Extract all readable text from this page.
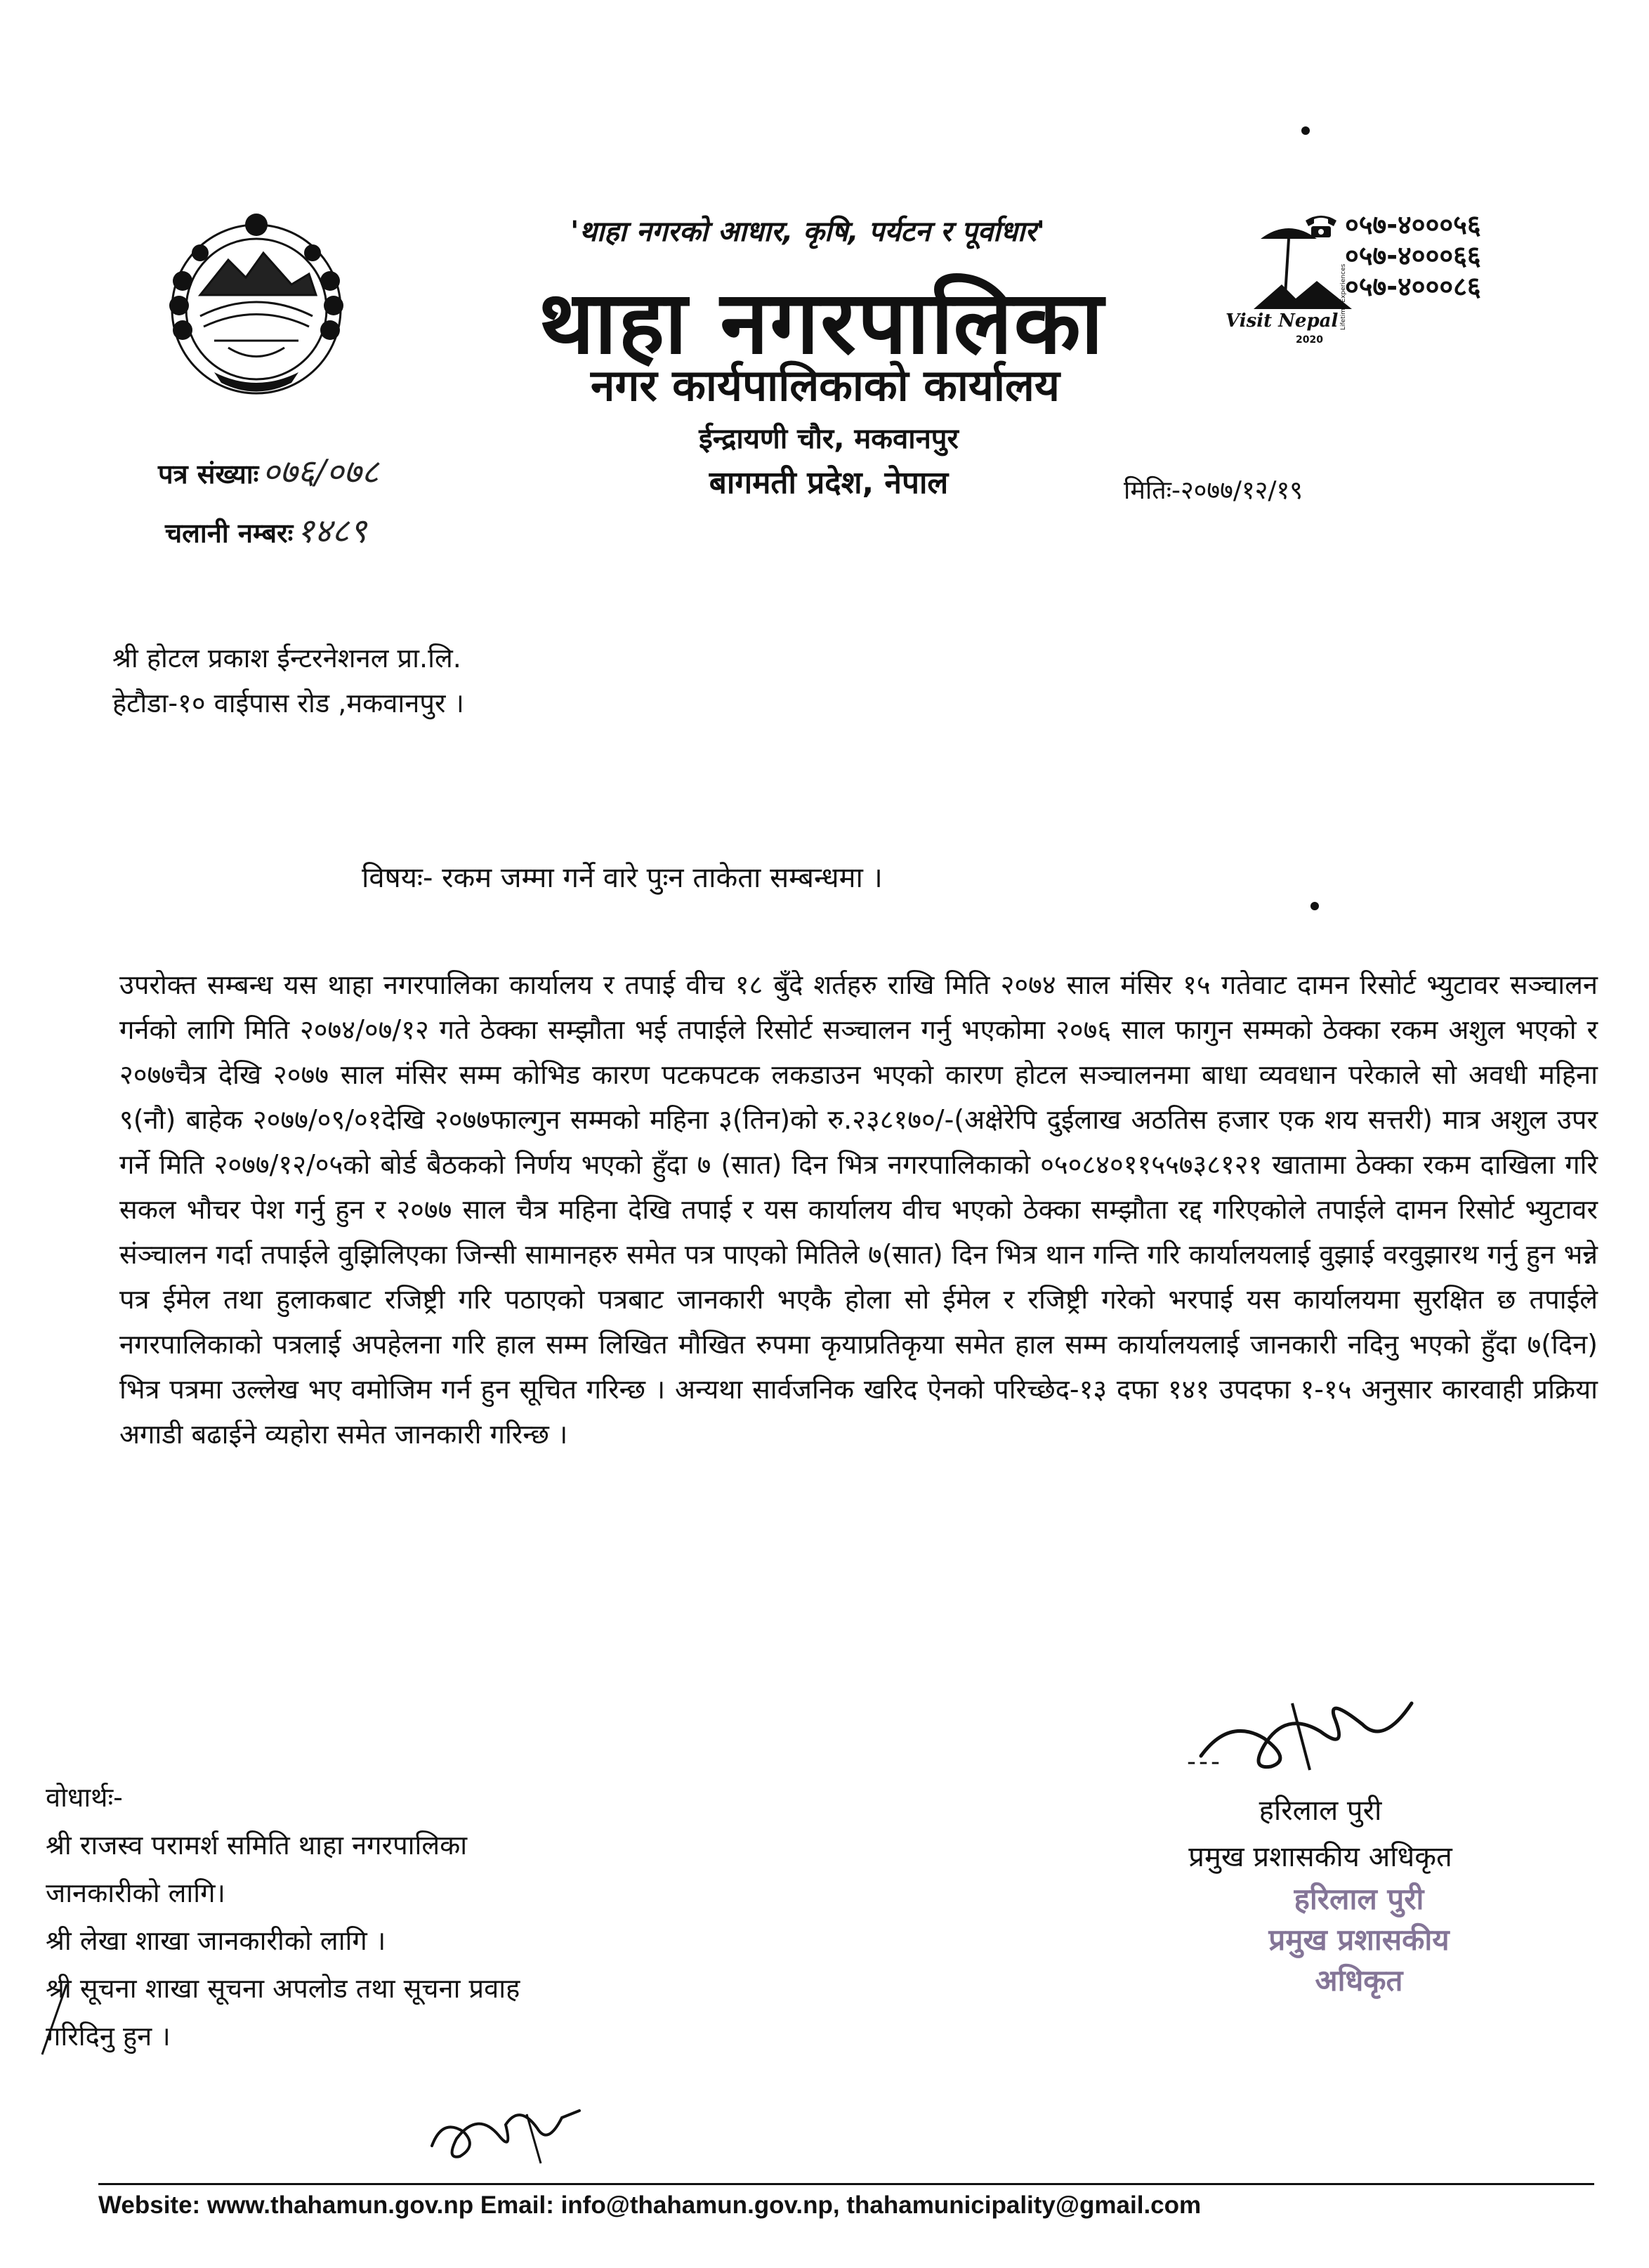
'थाहा नगरको आधार, कृषि, पर्यटन र पूर्वाधार'
थाहा नगरपालिका
नगर कार्यपालिकाको कार्यालय
ईन्द्रायणी चौर, मकवानपुर
बागमती प्रदेश, नेपाल
०५७-४०००५६
०५७-४०००६६
०५७-४०००८६
Visit Nepal
2020
Lifetime Experiences
पत्र संख्याः ०७६/०७८
चलानी नम्बरः १४८९
मितिः-२०७७/१२/१९
श्री होटल प्रकाश ईन्टरनेशनल प्रा.लि.
हेटौडा-१० वाईपास रोड ,मकवानपुर ।
विषयः- रकम जम्मा गर्ने वारे पुःन ताकेता सम्बन्धमा ।
उपरोक्त सम्बन्ध यस थाहा नगरपालिका कार्यालय र तपाई वीच १८ बुँदे शर्तहरु राखि मिति २०७४ साल मंसिर १५ गतेवाट दामन रिसोर्ट भ्युटावर सञ्चालन गर्नको लागि मिति २०७४/०७/१२ गते ठेक्का सम्झौता भई तपाईले रिसोर्ट सञ्चालन गर्नु भएकोमा २०७६ साल फागुन सम्मको ठेक्का रकम अशुल भएको र २०७७चैत्र देखि २०७७ साल मंसिर सम्म कोभिड कारण पटकपटक लकडाउन भएको कारण होटल सञ्चालनमा बाधा व्यवधान परेकाले सो अवधी महिना ९(नौ) बाहेक २०७७/०९/०१देखि २०७७फाल्गुन सम्मको महिना ३(तिन)को रु.२३८१७०/-(अक्षेरेपि दुईलाख अठतिस हजार एक शय सत्तरी) मात्र अशुल उपर गर्ने मिति २०७७/१२/०५को बोर्ड बैठकको निर्णय भएको हुँदा ७ (सात) दिन भित्र नगरपालिकाको ०५०८४०११५५७३८१२१ खातामा ठेक्का रकम दाखिला गरि सकल भौचर पेश गर्नु हुन र २०७७ साल चैत्र महिना देखि तपाई र यस कार्यालय वीच भएको ठेक्का सम्झौता रद्द गरिएकोले तपाईले दामन रिसोर्ट भ्युटावर संञ्चालन गर्दा तपाईले वुझिलिएका जिन्सी सामानहरु समेत पत्र पाएको मितिले ७(सात) दिन भित्र थान गन्ति गरि कार्यालयलाई वुझाई वरवुझारथ गर्नु हुन भन्ने पत्र ईमेल तथा हुलाकबाट रजिष्ट्री गरि पठाएको पत्रबाट जानकारी भएकै होला सो ईमेल र रजिष्ट्री गरेको भरपाई यस कार्यालयमा सुरक्षित छ तपाईले नगरपालिकाको पत्रलाई अपहेलना गरि हाल सम्म लिखित मौखित रुपमा कृयाप्रतिकृया समेत हाल सम्म कार्यालयलाई जानकारी नदिनु भएको हुँदा ७(दिन) भित्र पत्रमा उल्लेख भए वमोजिम गर्न हुन सूचित गरिन्छ । अन्यथा सार्वजनिक खरिद ऐनको परिच्छेद-१३ दफा १४१ उपदफा १-१५ अनुसार कारवाही प्रक्रिया अगाडी बढाईने व्यहोरा समेत जानकारी गरिन्छ ।
---
हरिलाल पुरी
प्रमुख प्रशासकीय अधिकृत
हरिलाल पुरी
प्रमुख प्रशासकीय
अधिकृत
वोधार्थः-
श्री राजस्व परामर्श समिति थाहा नगरपालिका
जानकारीको लागि।
श्री लेखा शाखा जानकारीको लागि ।
श्री सूचना शाखा सूचना अपलोड तथा सूचना प्रवाह
गरिदिनु हुन ।
Website: www.thahamun.gov.np Email: info@thahamun.gov.np, thahamunicipality@gmail.com
